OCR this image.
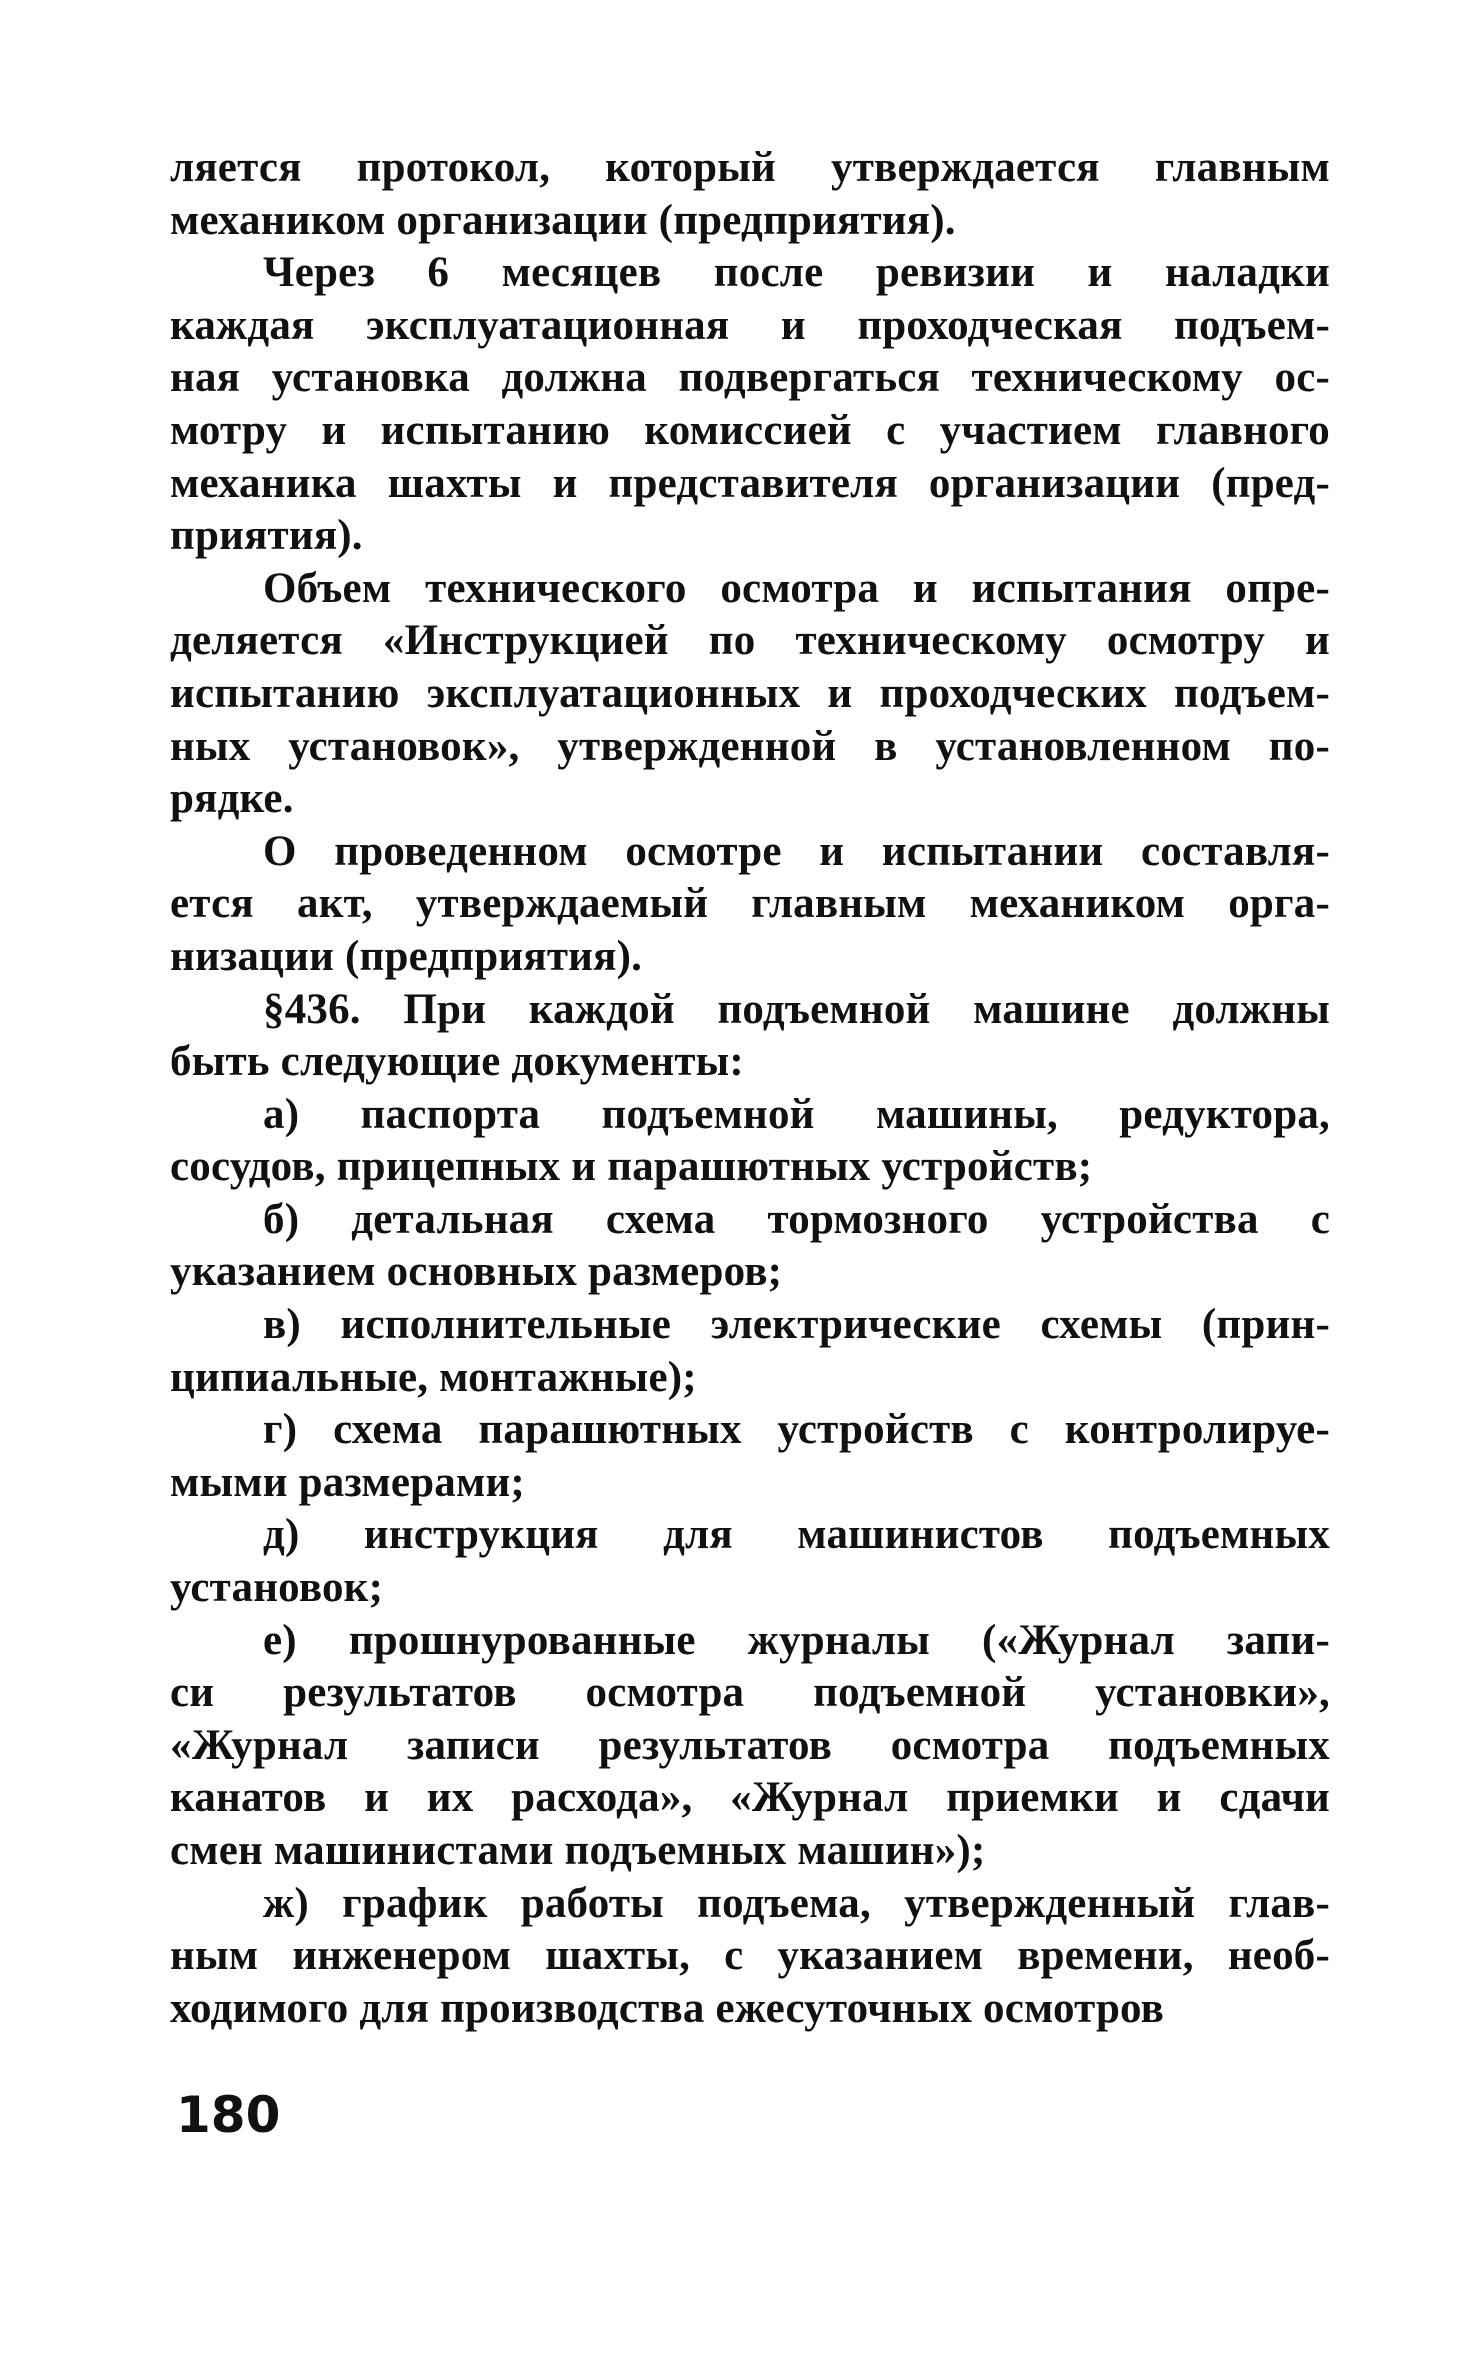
ляется протокол, который утверждается главным
механиком организации (предприятия).
Через 6 месяцев после ревизии и наладки
каждая эксплуатационная и проходческая подъем-
ная установка должна подвергаться техническому ос-
мотру и испытанию комиссией с участием главного
механика шахты и представителя организации (пред-
приятия).
Объем технического осмотра и испытания опре-
деляется «Инструкцией по техническому осмотру и
испытанию эксплуатационных и проходческих подъем-
ных установок», утвержденной в установленном по-
рядке.
О проведенном осмотре и испытании составля-
ется акт, утверждаемый главным механиком орга-
низации (предприятия).
§436. При каждой подъемной машине должны
быть следующие документы:
а) паспорта подъемной машины, редуктора,
сосудов, прицепных и парашютных устройств;
б) детальная схема тормозного устройства с
указанием основных размеров;
в) исполнительные электрические схемы (прин-
ципиальные, монтажные);
г) схема парашютных устройств с контролируе-
мыми размерами;
д) инструкция для машинистов подъемных
установок;
е) прошнурованные журналы («Журнал запи-
си результатов осмотра подъемной установки»,
«Журнал записи результатов осмотра подъемных
канатов и их расхода», «Журнал приемки и сдачи
смен машинистами подъемных машин»);
ж) график работы подъема, утвержденный глав-
ным инженером шахты, с указанием времени, необ-
ходимого для производства ежесуточных осмотров
180
